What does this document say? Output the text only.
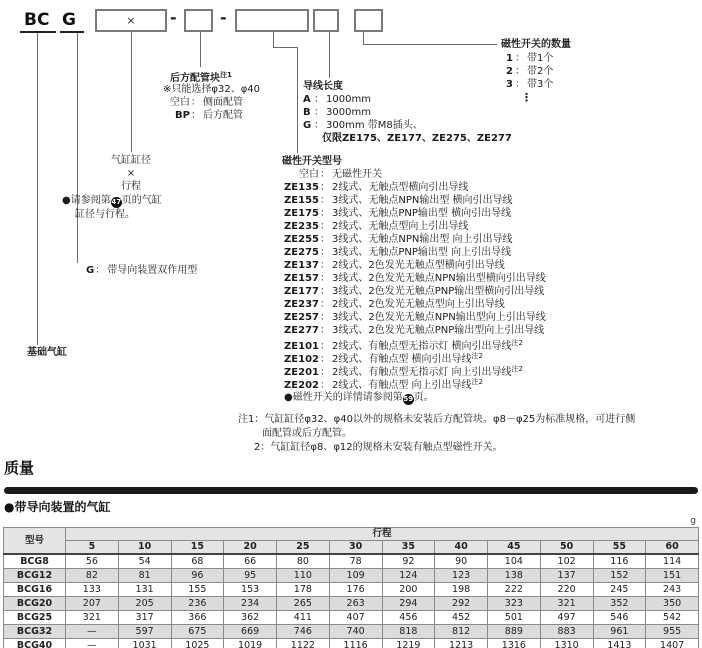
BC G	×	-	-
磁性开关的数量
1 ： 带1个
2 ： 带2个
3 ： 带3个
⋮
导线长度
A ： 1000mm
B ： 3000mm
G ： 300mm 带M8插头、
仅限ZE175、ZE177、ZE275、ZE277
后方配管块$^{注1}$
※只能选择φ32、φ40
空白： 侧面配管
BP： 后方配管
气缸缸径
×
行程
●请参阅第47页的气缸
缸径与行程。
磁性开关型号
空白： 无磁性开关
ZE135： 2线式、无触点型横向引出导线
ZE155： 3线式、无触点NPN输出型 横向引出导线
ZE175： 3线式、无触点PNP输出型 横向引出导线
ZE235： 2线式、无触点型向上引出导线
ZE255： 3线式、无触点NPN输出型 向上引出导线
ZE275： 3线式、无触点PNP输出型 向上引出导线
ZE137： 2线式、2色发光无触点型横向引出导线
ZE157： 3线式、2色发光无触点NPN输出型横向引出导线
ZE177： 3线式、2色发光无触点PNP输出型横向引出导线
ZE237： 2线式、2色发光无触点型向上引出导线
ZE257： 3线式、2色发光无触点NPN输出型向上引出导线
ZE277： 3线式、2色发光无触点PNP输出型向上引出导线
ZE101： 2线式、有触点型无指示灯 横向引出导线$^{注2}$
ZE102： 2线式、有触点型 横向引出导线$^{注2}$
ZE201： 2线式、有触点型无指示灯 向上引出导线$^{注2}$
ZE202： 2线式、有触点型 向上引出导线$^{注2}$
●磁性开关的详情请参阅第59页。
G： 带导向装置双作用型
基础气缸
注1：气缸缸径φ32、φ40以外的规格未安装后方配管块。φ8－φ25为标准规格，可进行侧
面配管或后方配管。
2：气缸缸径φ8、φ12的规格未安装有触点型磁性开关。
质量
●带导向装置的气缸
g
型号	行程											
	5	10	15	20	25	30	35	40	45	50	55	60
BCG8	56	54	68	66	80	78	92	90	104	102	116	114
BCG12	82	81	96	95	110	109	124	123	138	137	152	151
BCG16	133	131	155	153	178	176	200	198	222	220	245	243
BCG20	207	205	236	234	265	263	294	292	323	321	352	350
BCG25	321	317	366	362	411	407	456	452	501	497	546	542
BCG32	—	597	675	669	746	740	818	812	889	883	961	955
BCG40	—	1031	1025	1019	1122	1116	1219	1213	1316	1310	1413	1407
